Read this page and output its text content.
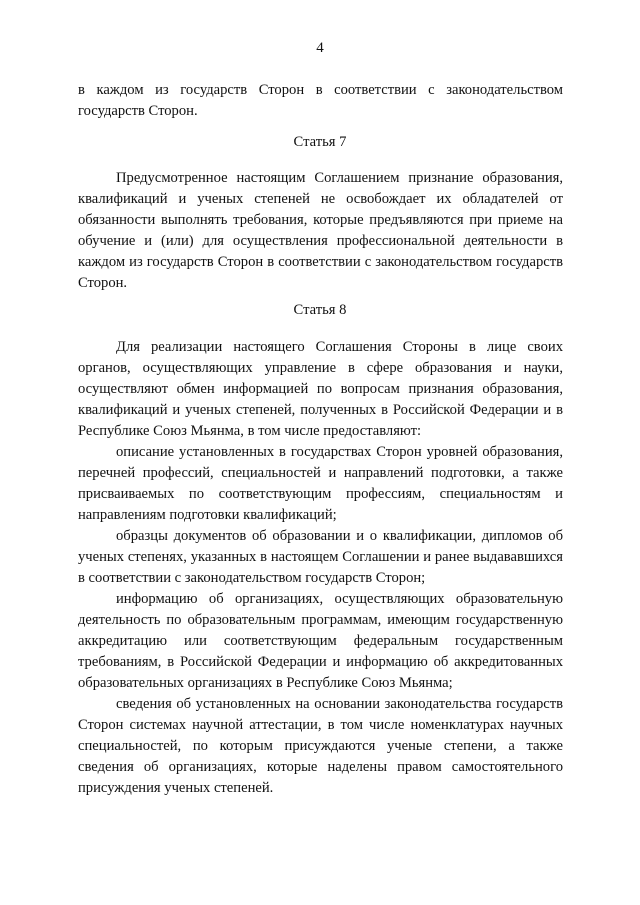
4

в каждом из государств Сторон в соответствии с законодательством государств Сторон.

Статья 7

Предусмотренное настоящим Соглашением признание образования, квалификаций и ученых степеней не освобождает их обладателей от обязанности выполнять требования, которые предъявляются при приеме на обучение и (или) для осуществления профессиональной деятельности в каждом из государств Сторон в соответствии с законодательством государств Сторон.

Статья 8

Для реализации настоящего Соглашения Стороны в лице своих органов, осуществляющих управление в сфере образования и науки, осуществляют обмен информацией по вопросам признания образования, квалификаций и ученых степеней, полученных в Российской Федерации и в Республике Союз Мьянма, в том числе предоставляют:

описание установленных в государствах Сторон уровней образования, перечней профессий, специальностей и направлений подготовки, а также присваиваемых по соответствующим профессиям, специальностям и направлениям подготовки квалификаций;

образцы документов об образовании и о квалификации, дипломов об ученых степенях, указанных в настоящем Соглашении и ранее выдававшихся в соответствии с законодательством государств Сторон;

информацию об организациях, осуществляющих образовательную деятельность по образовательным программам, имеющим государственную аккредитацию или соответствующим федеральным государственным требованиям, в Российской Федерации и информацию об аккредитованных образовательных организациях в Республике Союз Мьянма;

сведения об установленных на основании законодательства государств Сторон системах научной аттестации, в том числе номенклатурах научных специальностей, по которым присуждаются ученые степени, а также сведения об организациях, которые наделены правом самостоятельного присуждения ученых степеней.
